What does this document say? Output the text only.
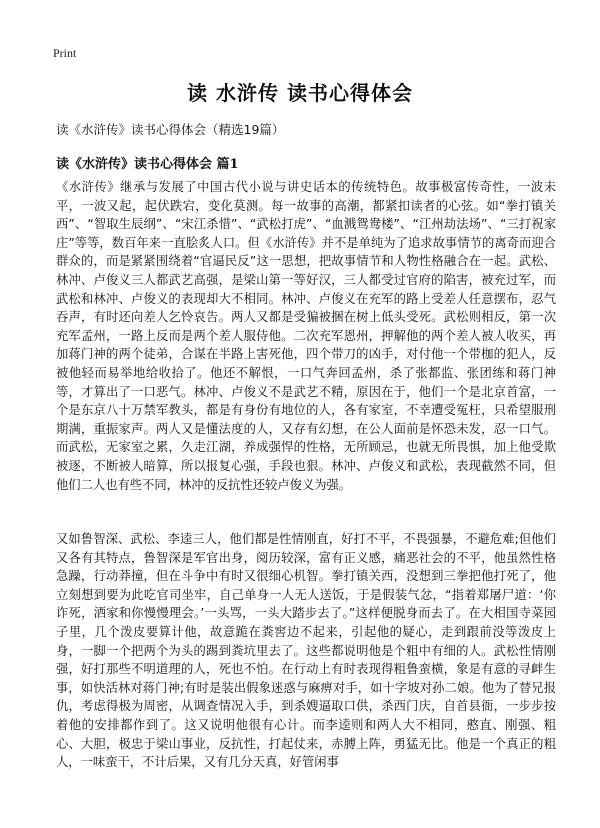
Print
读 水浒传 读书心得体会
读《水浒传》读书心得体会（精选19篇）
读《水浒传》读书心得体会 篇1

《水浒传》继承与发展了中国古代小说与讲史话本的传统特色。故事极富传奇性，一波未平，一波又起，起伏跌宕，变化莫测。每一故事的高潮，都紧扣读者的心弦。如“拳打镇关西”、“智取生辰纲”、“宋江杀惜”、“武松打虎”、“血溅鸳鸯楼”、“江州劫法场”、“三打祝家庄”等等，数百年来一直脍炙人口。但《水浒传》并不是单纯为了追求故事情节的离奇而迎合群众的，而是紧紧围绕着“官逼民反”这一思想，把故事情节和人物性格融合在一起。武松、林冲、卢俊义三人都武艺高强，是梁山第一等好汉，三人都受过官府的陷害，被充过军，而武松和林冲、卢俊义的表现却大不相同。林冲、卢俊义在充军的路上受差人任意摆布，忍气吞声，有时还向差人乞怜哀告。两人又都是受猵被捆在树上低头受死。武松则相反，第一次充军孟州，一路上反而是两个差人服侍他。二次充军恩州，押解他的两个差人被人收买，再加蒋门神的两个徒弟，合谋在半路上害死他，四个带刀的凶手，对付他一个带枷的犯人，反被他轻而易举地给收拾了。他还不解恨，一口气奔回孟州，杀了张都监、张团练和蒋门神等，才算出了一口恶气。林冲、卢俊义不是武艺不精，原因在于，他们一个是北京首富，一个是东京八十万禁军教头，都是有身份有地位的人，各有家室，不幸遭受冤枉，只希望服刑期满，重振家声。两人又是懂法度的人，又存有幻想，在公人面前是怀恐未发，忍一口气。而武松，无家室之累，久走江湖，养成强悍的性格，无所顾忌，也就无所畏惧，加上他受欺被逐，不断被人暗算，所以报复心强，手段也狠。林冲、卢俊义和武松，表现截然不同，但他们二人也有些不同，林冲的反抗性还较卢俊义为强。

又如鲁智深、武松、李逵三人，他们都是性情刚直，好打不平，不畏强暴，不避危难;但他们又各有其特点，鲁智深是军官出身，阅历较深，富有正义感，痛恶社会的不平，他虽然性格急躁，行动莽撞，但在斗争中有时又很细心机智。拳打镇关西，没想到三拳把他打死了，他立刻想到要为此吃官司坐牢，自己单身一人无人送饭，于是假装气忿，“指着郑屠尸道：‘你诈死，洒家和你慢慢理会。’一头骂，一头大踏步去了。”这样便脱身而去了。在大相国寺菜园子里，几个泼皮要算计他，故意跪在粪窖边不起来，引起他的疑心，走到跟前没等泼皮上身，一脚一个把两个为头的踢到粪坑里去了。这些都说明他是个粗中有细的人。武松性情刚强，好打那些不明道理的人，死也不怕。在行动上有时表现得粗鲁蛮横，象是有意的寻衅生事，如快活林对蒋门神;有时是装出假象迷惑与麻痹对手，如十字坡对孙二娘。他为了替兄报仇，考虑得极为周密，从调查情况入手，到杀嫂逼取口供，杀西门庆，自首县衙，一步步按着他的安排都作到了。这又说明他很有心计。而李逵则和两人大不相同，憨直、刚强、粗心、大胆，极忠于梁山事业，反抗性，打起仗来，赤膊上阵，勇猛无比。他是一个真正的粗人，一味蛮干，不计后果，又有几分天真，好管闲事
